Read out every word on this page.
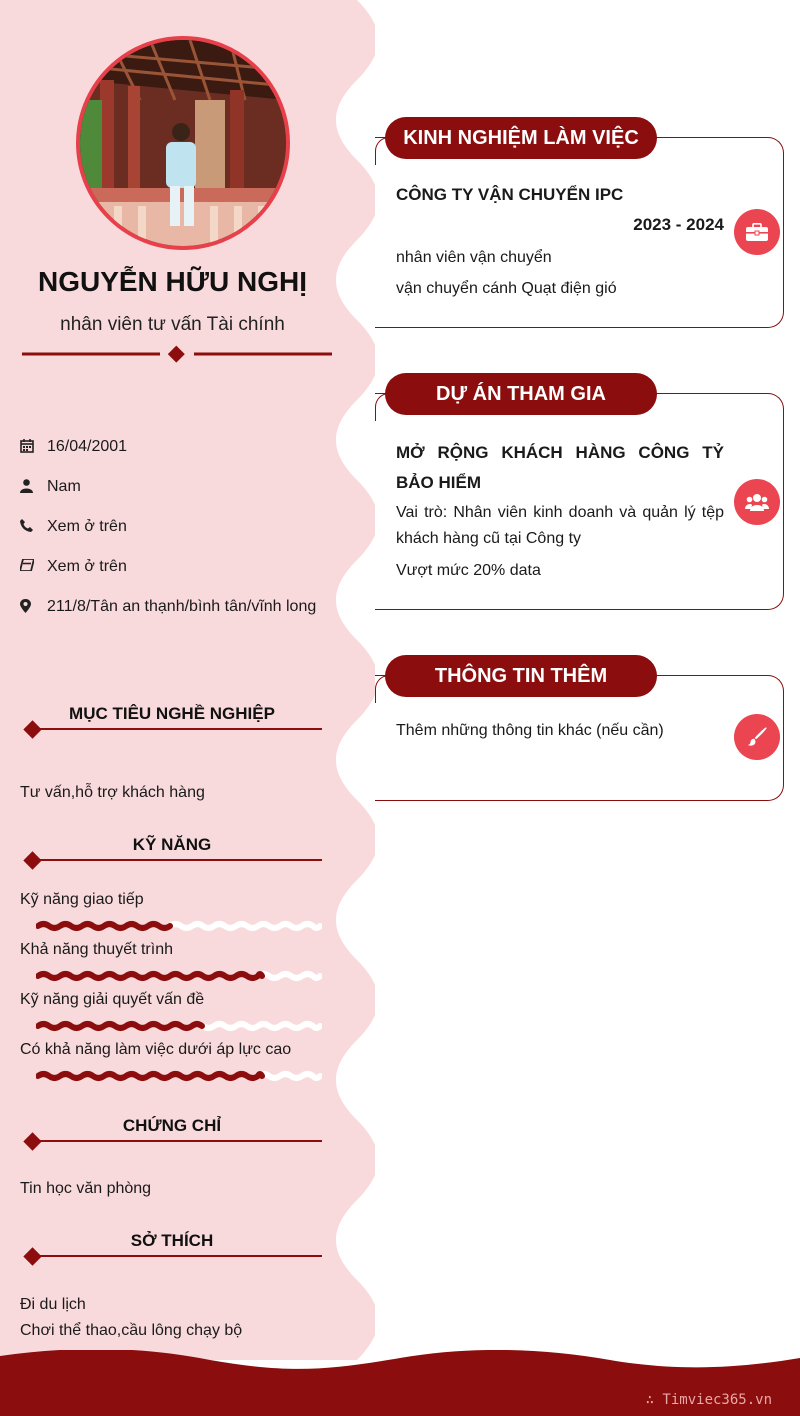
NGUYỄN HỮU NGHỊ
nhân viên tư vấn Tài chính
16/04/2001
Nam
Xem ở trên
Xem ở trên
211/8/Tân an thạnh/bình tân/vĩnh long
MỤC TIÊU NGHỀ NGHIỆP
Tư vấn,hỗ trợ khách hàng
KỸ NĂNG
Kỹ năng giao tiếp
Khả năng thuyết trình
Kỹ năng giải quyết vấn đề
Có khả năng làm việc dưới áp lực cao
CHỨNG CHỈ
Tin học văn phòng
SỞ THÍCH
Đi du lịch
Chơi thể thao,cầu lông chạy bộ
KINH NGHIỆM LÀM VIỆC
CÔNG TY VẬN CHUYỂN IPC
2023 - 2024
nhân viên vận chuyển
vận chuyển cánh Quạt điện gió
DỰ ÁN THAM GIA
MỞ RỘNG KHÁCH HÀNG CÔNG TỶ BẢO HIỂM
Vai trò: Nhân viên kinh doanh và quản lý tệp khách hàng cũ tại Công ty
Vượt mức 20% data
THÔNG TIN THÊM
Thêm những thông tin khác (nếu cần)
∴ Timviec365.vn
